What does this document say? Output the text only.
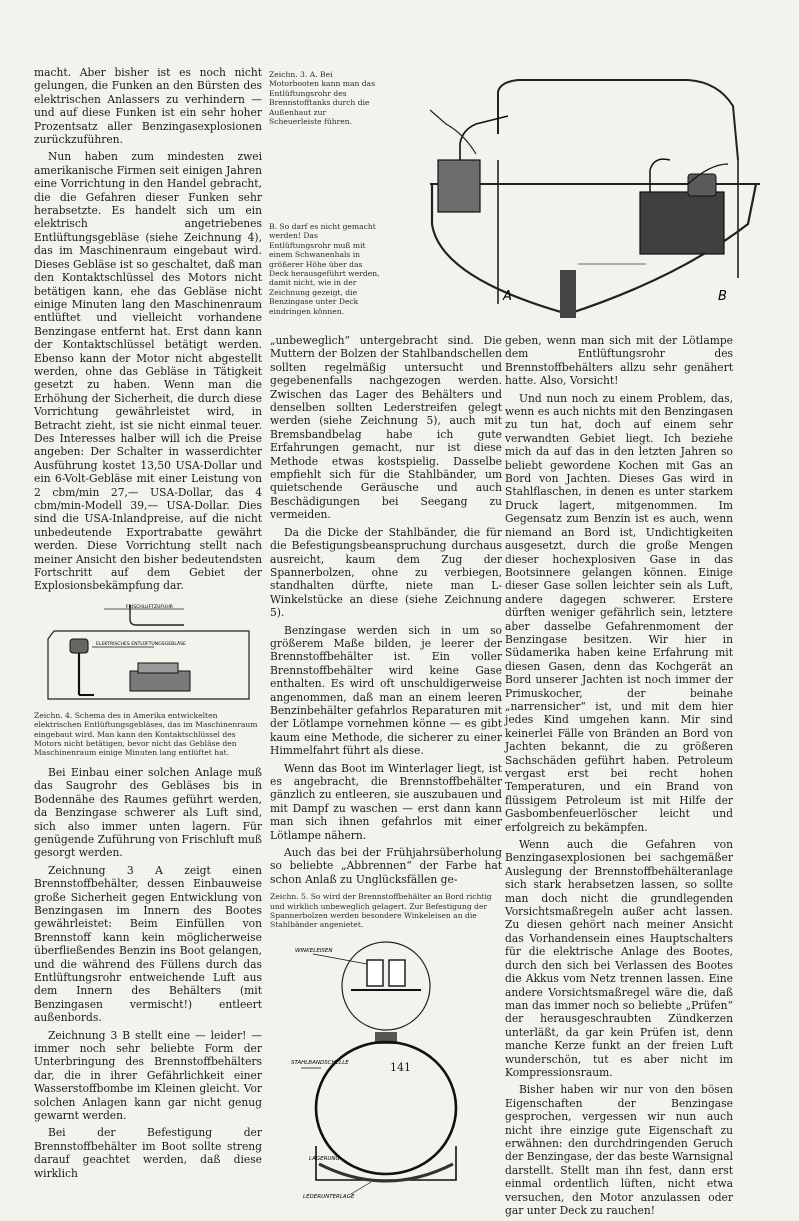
Zeichn. 3. A. Bei Motorbooten kann man das Entlüftungsrohr des Brennstofftanks durch die Außenhaut zur Scheuerleiste führen.
B. So darf es nicht gemacht werden! Das Entlüftungsrohr muß mit einem Schwanenhals in größerer Höhe über das Deck herausgeführt werden, damit nicht, wie in der Zeichnung gezeigt, die Benzingase unter Deck eindringen können.
A	B

macht. Aber bisher ist es noch nicht gelungen, die Funken an den Bürsten des elektrischen Anlassers zu verhindern — und auf diese Funken ist ein sehr hoher Prozentsatz aller Benzingasexplosionen zurückzuführen.

Nun haben zum mindesten zwei amerikanische Firmen seit einigen Jahren eine Vorrichtung in den Handel gebracht, die die Gefahren dieser Funken sehr herabsetzte. Es handelt sich um ein elektrisch angetriebenes Entlüftungsgebläse (siehe Zeichnung 4), das im Maschinenraum eingebaut wird. Dieses Gebläse ist so geschaltet, daß man den Kontaktschlüssel des Motors nicht betätigen kann, ehe das Gebläse nicht einige Minuten lang den Maschinenraum entlüftet und vielleicht vorhandene Benzingase entfernt hat. Erst dann kann der Kontaktschlüssel betätigt werden. Ebenso kann der Motor nicht abgestellt werden, ohne das Gebläse in Tätigkeit gesetzt zu haben. Wenn man die Erhöhung der Sicherheit, die durch diese Vorrichtung gewährleistet wird, in Betracht zieht, ist sie nicht einmal teuer. Des Interesses halber will ich die Preise angeben: Der Schalter in wasserdichter Ausführung kostet 13,50 USA-Dollar und ein 6-Volt-Gebläse mit einer Leistung von 2 cbm/min 27,— USA-Dollar, das 4 cbm/min-Modell 39,— USA-Dollar. Dies sind die USA-Inlandpreise, auf die nicht unbedeutende Exportrabatte gewährt werden. Diese Vorrichtung stellt nach meiner Ansicht den bisher bedeutendsten Fortschritt auf dem Gebiet der Explosionsbekämpfung dar.

FRISCHLUFTZUFUHR
ELEKTRISCHES ENTLÜFTUNGSGEBLÄSE
Zeichn. 4. Schema des in Amerika entwickelten elektrischen Entlüftungsgebläses, das im Maschinenraum eingebaut wird. Man kann den Kontaktschlüssel des Motors nicht betätigen, bevor nicht das Gebläse den Maschinenraum einige Minuten lang entlüftet hat.

Bei Einbau einer solchen Anlage muß das Saugrohr des Gebläses bis in Bodennähe des Raumes geführt werden, da Benzingase schwerer als Luft sind, sich also immer unten lagern. Für genügende Zuführung von Frischluft muß gesorgt werden.

Zeichnung 3 A zeigt einen Brennstoffbehälter, dessen Einbauweise große Sicherheit gegen Entwicklung von Benzingasen im Innern des Bootes gewährleistet: Beim Einfüllen von Brennstoff kann kein möglicherweise überfließendes Benzin ins Boot gelangen, und die während des Füllens durch das Entlüftungsrohr entweichende Luft aus dem Innern des Behälters (mit Benzingasen vermischt!) entleert außenbords.

Zeichnung 3 B stellt eine — leider! — immer noch sehr beliebte Form der Unterbringung des Brennstoffbehälters dar, die in ihrer Gefährlichkeit einer Wasserstoffbombe im Kleinen gleicht. Vor solchen Anlagen kann gar nicht genug gewarnt werden.

Bei der Befestigung der Brennstoffbehälter im Boot sollte streng darauf geachtet werden, daß diese wirklich

„unbeweglich“ untergebracht sind. Die Muttern der Bolzen der Stahlbandschellen sollten regelmäßig untersucht und gegebenenfalls nachgezogen werden. Zwischen das Lager des Behälters und denselben sollten Lederstreifen gelegt werden (siehe Zeichnung 5), auch mit Bremsbandbelag habe ich gute Erfahrungen gemacht, nur ist diese Methode etwas kostspielig. Dasselbe empfiehlt sich für die Stahlbänder, um quietschende Geräusche und auch Beschädigungen bei Seegang zu vermeiden.

Da die Dicke der Stahlbänder, die für die Befestigungsbeanspruchung durchaus ausreicht, kaum dem Zug der Spannerbolzen, ohne zu verbiegen, standhalten dürfte, niete man L-Winkelstücke an diese (siehe Zeichnung 5).

Benzingase werden sich in um so größerem Maße bilden, je leerer der Brennstoffbehälter ist. Ein voller Brennstoffbehälter wird keine Gase enthalten. Es wird oft unschuldigerweise angenommen, daß man an einem leeren Benzinbehälter gefahrlos Reparaturen mit der Lötlampe vornehmen könne — es gibt kaum eine Methode, die sicherer zu einer Himmelfahrt führt als diese.

Wenn das Boot im Winterlager liegt, ist es angebracht, die Brennstoffbehälter gänzlich zu entleeren, sie auszubauen und mit Dampf zu waschen — erst dann kann man sich ihnen gefahrlos mit einer Lötlampe nähern.

Auch das bei der Frühjahrsüberholung so beliebte „Abbrennen“ der Farbe hat schon Anlaß zu Unglücksfällen ge-

Zeichn. 5. So wird der Brennstoffbehälter an Bord richtig und wirklich unbeweglich gelagert. Zur Befestigung der Spannerbolzen werden besondere Winkeleisen an die Stahlbänder angenietet.
WINKELEISEN
STAHLBANDSCHELLE
LAGERUNG
LEDERUNTERLAGE

geben, wenn man sich mit der Lötlampe dem Entlüftungsrohr des Brennstoffbehälters allzu sehr genähert hatte. Also, Vorsicht!

Und nun noch zu einem Problem, das, wenn es auch nichts mit den Benzingasen zu tun hat, doch auf einem sehr verwandten Gebiet liegt. Ich beziehe mich da auf das in den letzten Jahren so beliebt gewordene Kochen mit Gas an Bord von Jachten. Dieses Gas wird in Stahlflaschen, in denen es unter starkem Druck lagert, mitgenommen. Im Gegensatz zum Benzin ist es auch, wenn niemand an Bord ist, Undichtigkeiten ausgesetzt, durch die große Mengen dieser hochexplosiven Gase in das Bootsinnere gelangen können. Einige dieser Gase sollen leichter sein als Luft, andere dagegen schwerer. Erstere dürften weniger gefährlich sein, letztere aber dasselbe Gefahrenmoment der Benzingase besitzen. Wir hier in Südamerika haben keine Erfahrung mit diesen Gasen, denn das Kochgerät an Bord unserer Jachten ist noch immer der Primuskocher, der beinahe „narrensicher“ ist, und mit dem hier jedes Kind umgehen kann. Mir sind keinerlei Fälle von Bränden an Bord von Jachten bekannt, die zu größeren Sachschäden geführt haben. Petroleum vergast erst bei recht hohen Temperaturen, und ein Brand von flüssigem Petroleum ist mit Hilfe der Gasbombenfeuerlöscher leicht und erfolgreich zu bekämpfen.

Wenn auch die Gefahren von Benzingasexplosionen bei sachgemäßer Auslegung der Brennstoffbehälteranlage sich stark herabsetzen lassen, so sollte man doch nicht die grundlegenden Vorsichtsmaßregeln außer acht lassen. Zu diesen gehört nach meiner Ansicht das Vorhandensein eines Hauptschalters für die elektrische Anlage des Bootes, durch den sich bei Verlassen des Bootes die Akkus vom Netz trennen lassen. Eine andere Vorsichtsmaßregel wäre die, daß man das immer noch so beliebte „Prüfen“ der herausgeschraubten Zündkerzen unterläßt, da gar kein Prüfen ist, denn manche Kerze funkt an der freien Luft wunderschön, tut es aber nicht im Kompressionsraum.

Bisher haben wir nur von den bösen Eigenschaften der Benzingase gesprochen, vergessen wir nun auch nicht ihre einzige gute Eigenschaft zu erwähnen: den durchdringenden Geruch der Benzingase, der das beste Warnsignal darstellt. Stellt man ihn fest, dann erst einmal ordentlich lüften, nicht etwa versuchen, den Motor anzulassen oder gar unter Deck zu rauchen!

141
